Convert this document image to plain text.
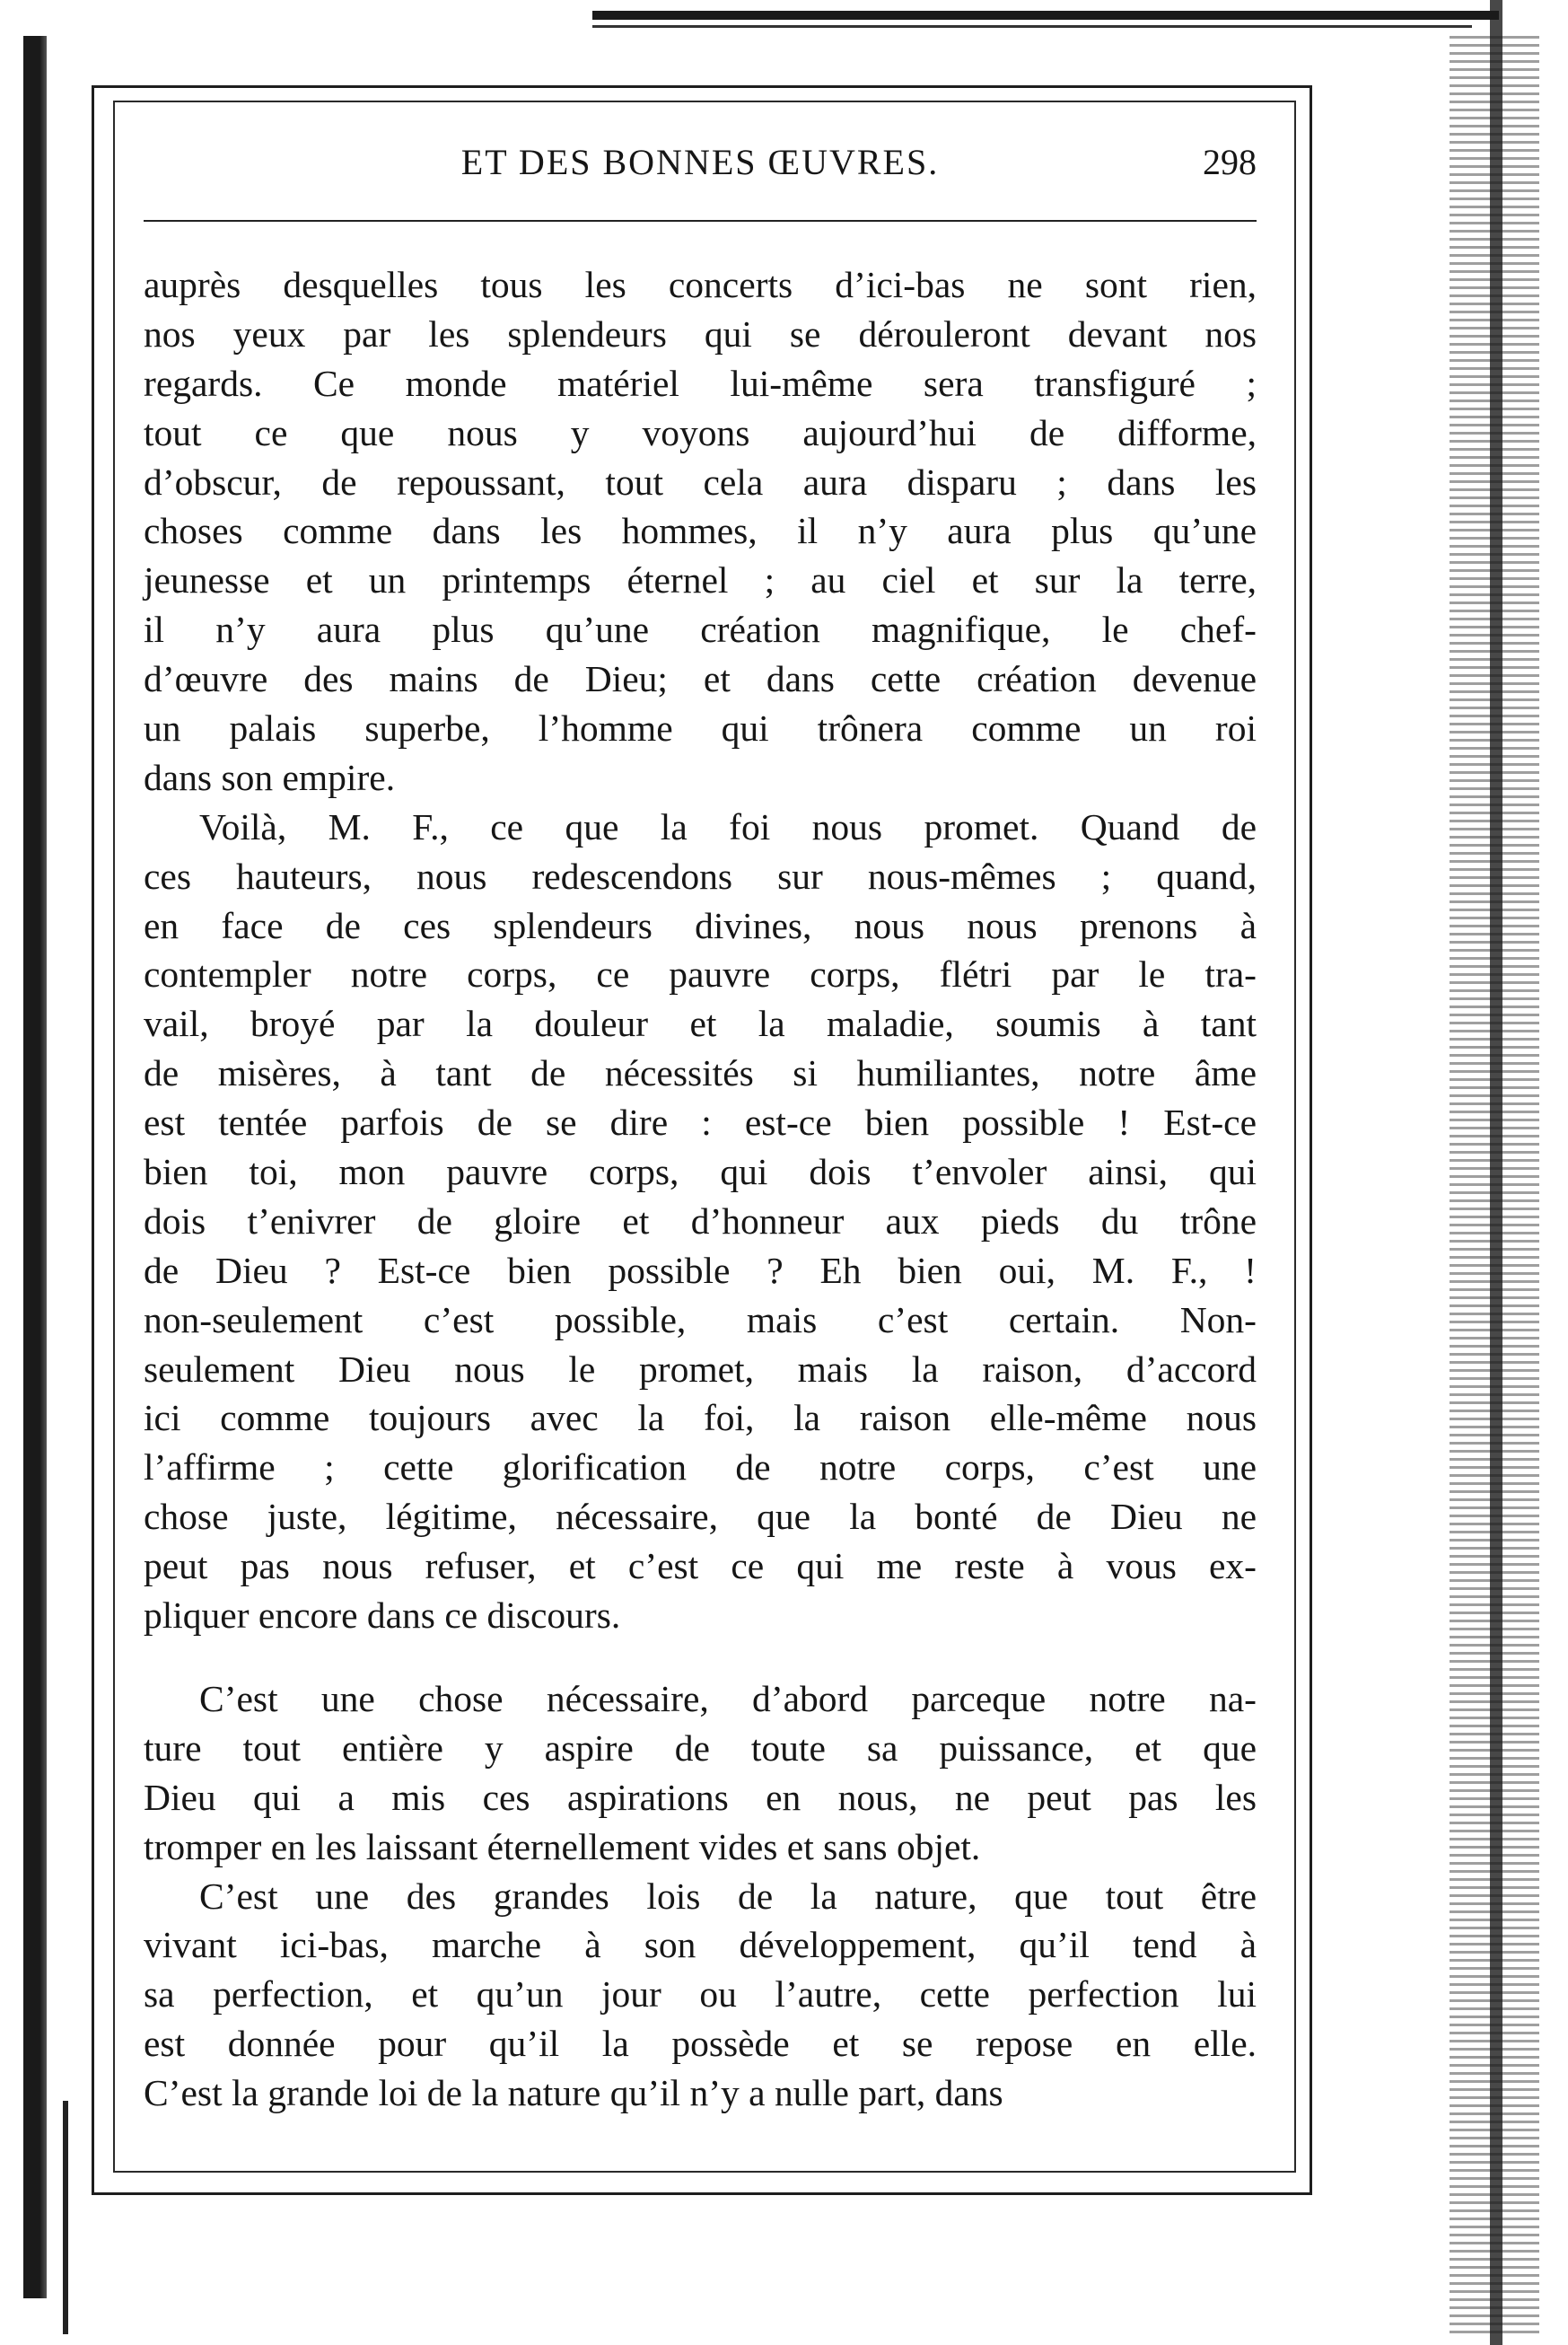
ET DES BONNES ŒUVRES.	298
auprès desquelles tous les concerts d’ici-bas ne sont rien,
nos yeux par les splendeurs qui se dérouleront devant nos
regards. Ce monde matériel lui-même sera transfiguré ;
tout ce que nous y voyons aujourd’hui de difforme,
d’obscur, de repoussant, tout cela aura disparu ; dans les
choses comme dans les hommes, il n’y aura plus qu’une
jeunesse et un printemps éternel ; au ciel et sur la terre,
il n’y aura plus qu’une création magnifique, le chef-
d’œuvre des mains de Dieu; et dans cette création devenue
un palais superbe, l’homme qui trônera comme un roi
dans son empire.
Voilà, M. F., ce que la foi nous promet. Quand de
ces hauteurs, nous redescendons sur nous-mêmes ; quand,
en face de ces splendeurs divines, nous nous prenons à
contempler notre corps, ce pauvre corps, flétri par le tra-
vail, broyé par la douleur et la maladie, soumis à tant
de misères, à tant de nécessités si humiliantes, notre âme
est tentée parfois de se dire : est-ce bien possible ! Est-ce
bien toi, mon pauvre corps, qui dois t’envoler ainsi, qui
dois t’enivrer de gloire et d’honneur aux pieds du trône
de Dieu ? Est-ce bien possible ? Eh bien oui, M. F., !
non-seulement c’est possible, mais c’est certain. Non-
seulement Dieu nous le promet, mais la raison, d’accord
ici comme toujours avec la foi, la raison elle-même nous
l’affirme ; cette glorification de notre corps, c’est une
chose juste, légitime, nécessaire, que la bonté de Dieu ne
peut pas nous refuser, et c’est ce qui me reste à vous ex-
pliquer encore dans ce discours.
C’est une chose nécessaire, d’abord parceque notre na-
ture tout entière y aspire de toute sa puissance, et que
Dieu qui a mis ces aspirations en nous, ne peut pas les
tromper en les laissant éternellement vides et sans objet.
C’est une des grandes lois de la nature, que tout être
vivant ici-bas, marche à son développement, qu’il tend à
sa perfection, et qu’un jour ou l’autre, cette perfection lui
est donnée pour qu’il la possède et se repose en elle.
C’est la grande loi de la nature qu’il n’y a nulle part, dans
